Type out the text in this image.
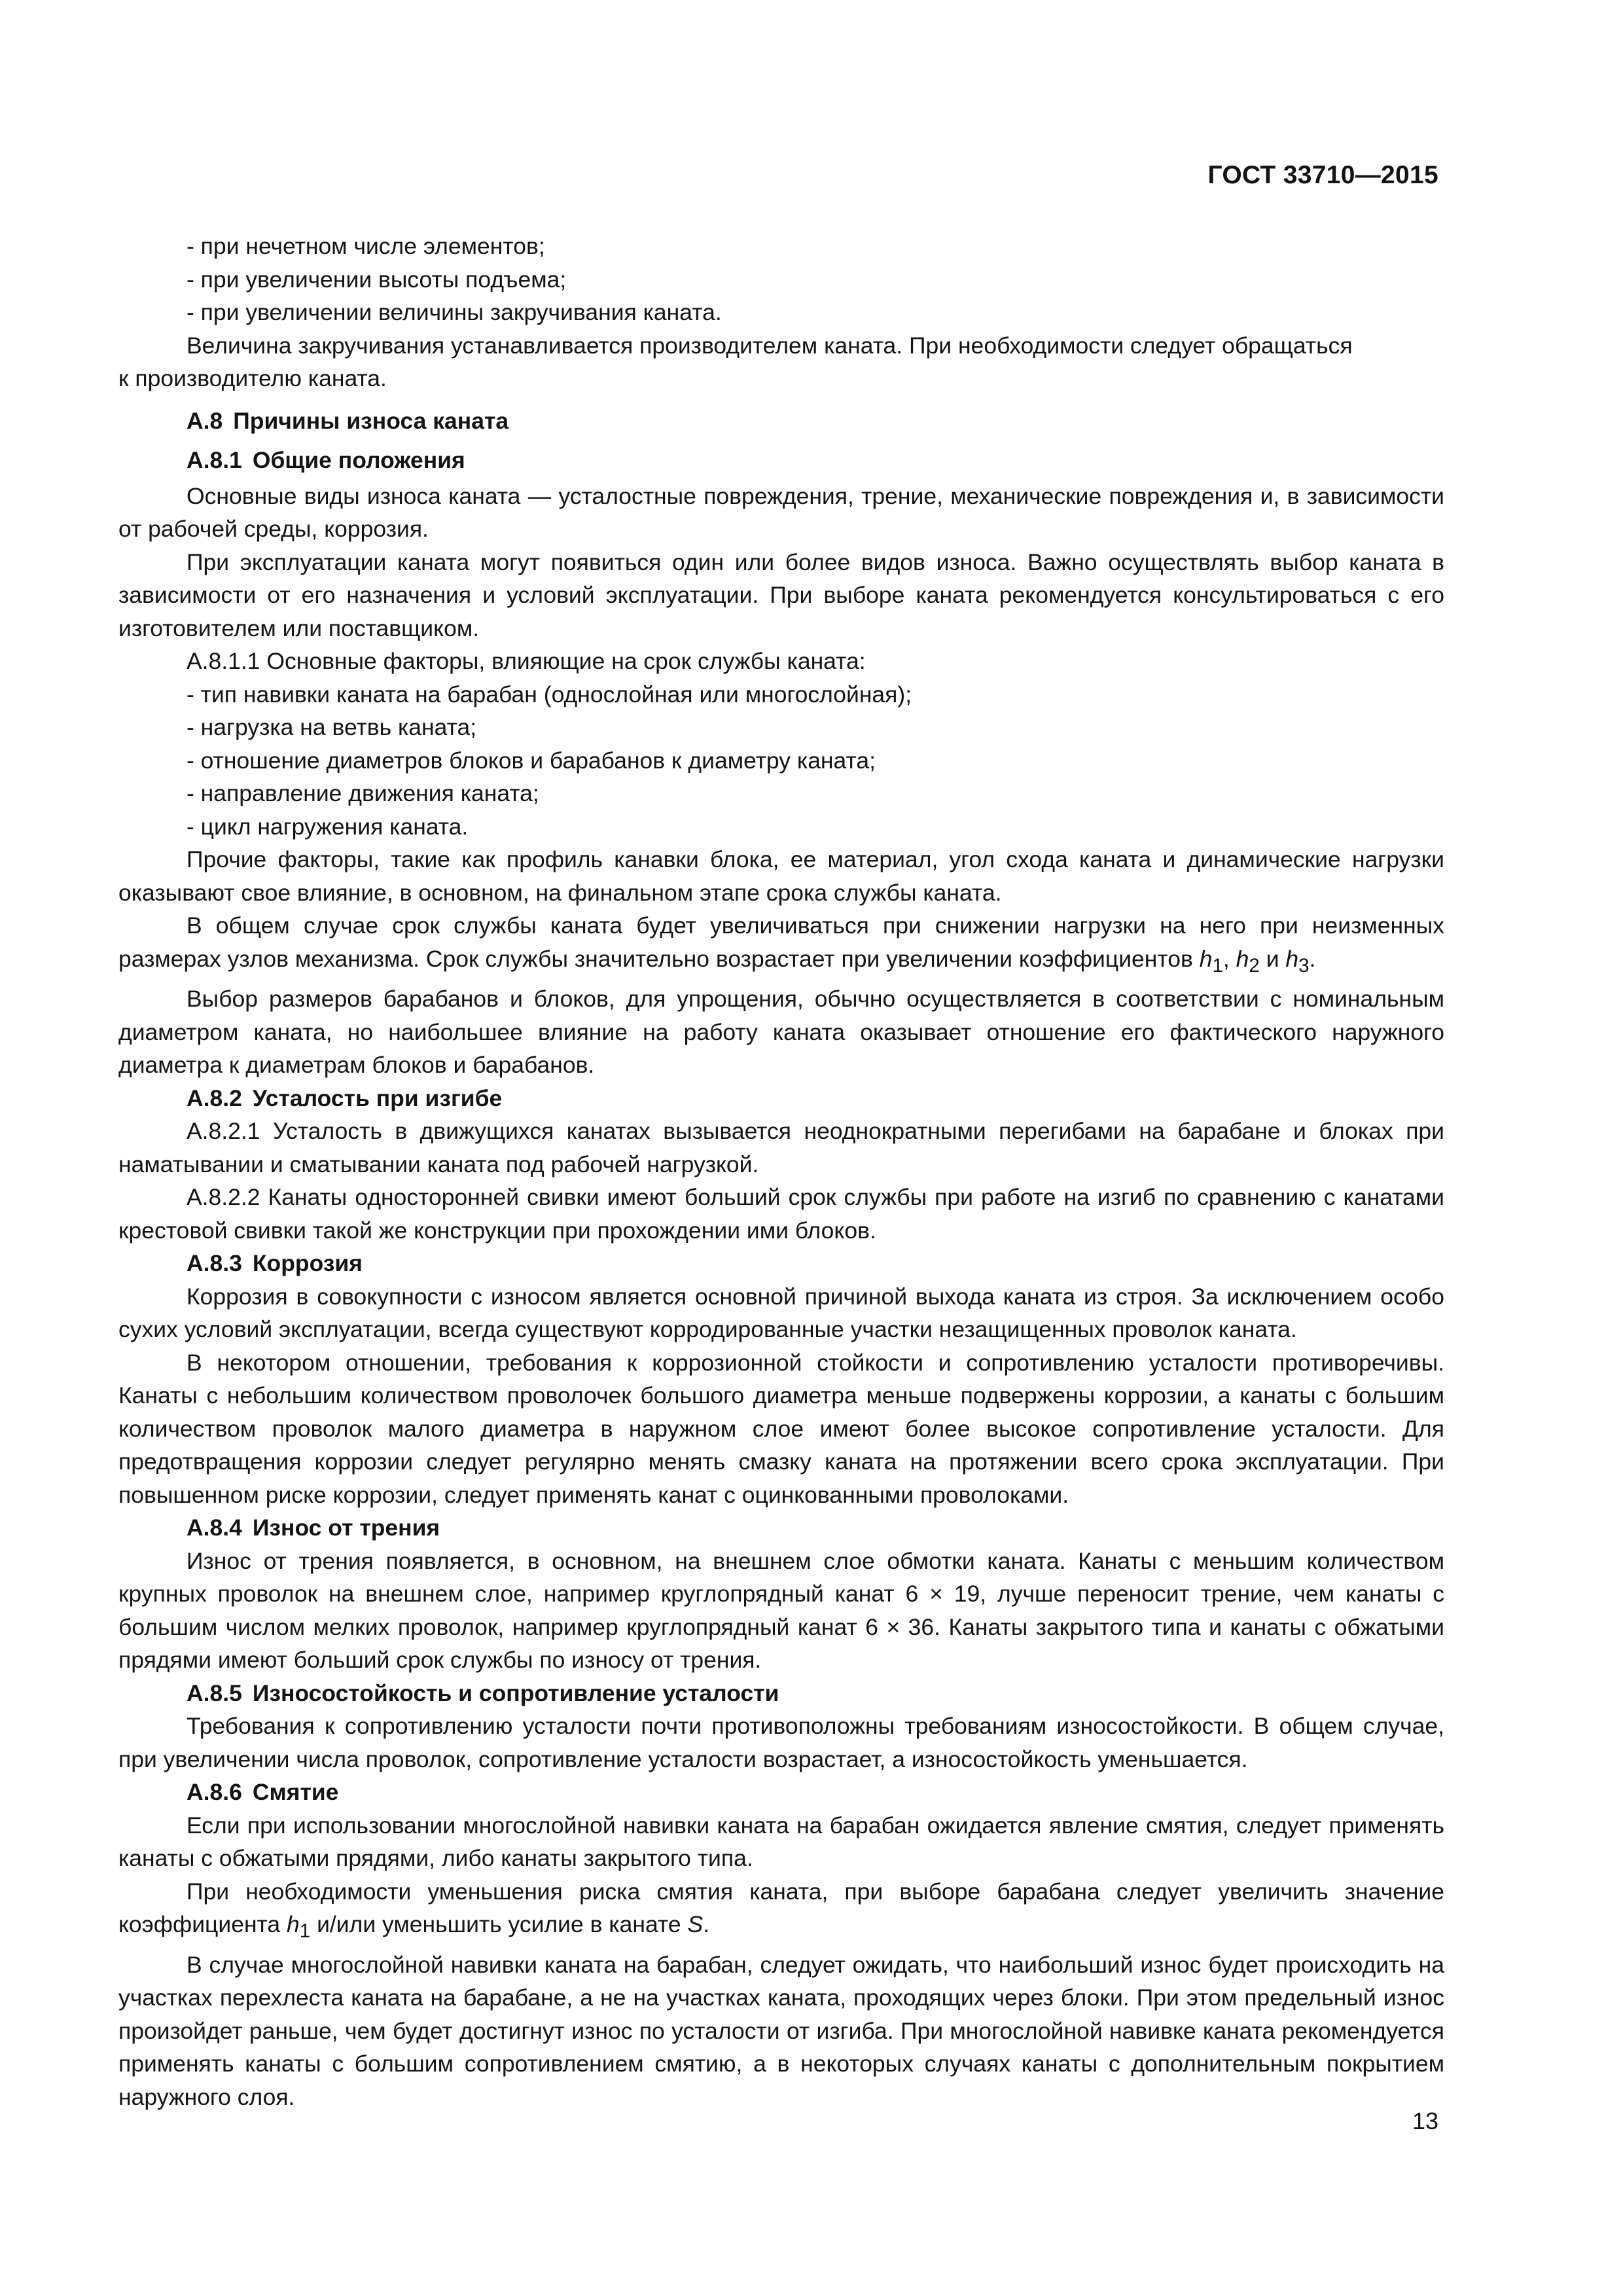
ГОСТ 33710—2015

- при нечетном числе элементов;

- при увеличении высоты подъема;

- при увеличении величины закручивания каната.

Величина закручивания устанавливается производителем каната. При необходимости следует обращаться
к производителю каната.

А.8 Причины износа каната

А.8.1 Общие положения

Основные виды износа каната — усталостные повреждения, трение, механические повреждения и, в зависимости от рабочей среды, коррозия.

При эксплуатации каната могут появиться один или более видов износа. Важно осуществлять выбор каната в зависимости от его назначения и условий эксплуатации. При выборе каната рекомендуется консультироваться с его изготовителем или поставщиком.

А.8.1.1 Основные факторы, влияющие на срок службы каната:

- тип навивки каната на барабан (однослойная или многослойная);

- нагрузка на ветвь каната;

- отношение диаметров блоков и барабанов к диаметру каната;

- направление движения каната;

- цикл нагружения каната.

Прочие факторы, такие как профиль канавки блока, ее материал, угол схода каната и динамические нагрузки оказывают свое влияние, в основном, на финальном этапе срока службы каната.

В общем случае срок службы каната будет увеличиваться при снижении нагрузки на него при неизменных размерах узлов механизма. Срок службы значительно возрастает при увеличении коэффициентов $h_1$, $h_2$ и $h_3$.

Выбор размеров барабанов и блоков, для упрощения, обычно осуществляется в соответствии с номинальным диаметром каната, но наибольшее влияние на работу каната оказывает отношение его фактического наружного диаметра к диаметрам блоков и барабанов.

А.8.2 Усталость при изгибе

А.8.2.1 Усталость в движущихся канатах вызывается неоднократными перегибами на барабане и блоках при наматывании и сматывании каната под рабочей нагрузкой.

А.8.2.2 Канаты односторонней свивки имеют больший срок службы при работе на изгиб по сравнению с канатами крестовой свивки такой же конструкции при прохождении ими блоков.

А.8.3 Коррозия

Коррозия в совокупности с износом является основной причиной выхода каната из строя. За исключением особо сухих условий эксплуатации, всегда существуют корродированные участки незащищенных проволок каната.

В некотором отношении, требования к коррозионной стойкости и сопротивлению усталости противоречивы. Канаты с небольшим количеством проволочек большого диаметра меньше подвержены коррозии, а канаты с большим количеством проволок малого диаметра в наружном слое имеют более высокое сопротивление усталости. Для предотвращения коррозии следует регулярно менять смазку каната на протяжении всего срока эксплуатации. При повышенном риске коррозии, следует применять канат с оцинкованными проволоками.

А.8.4 Износ от трения

Износ от трения появляется, в основном, на внешнем слое обмотки каната. Канаты с меньшим количеством крупных проволок на внешнем слое, например круглопрядный канат 6 × 19, лучше переносит трение, чем канаты с большим числом мелких проволок, например круглопрядный канат 6 × 36. Канаты закрытого типа и канаты с обжатыми прядями имеют больший срок службы по износу от трения.

А.8.5 Износостойкость и сопротивление усталости

Требования к сопротивлению усталости почти противоположны требованиям износостойкости. В общем случае, при увеличении числа проволок, сопротивление усталости возрастает, а износостойкость уменьшается.

А.8.6 Смятие

Если при использовании многослойной навивки каната на барабан ожидается явление смятия, следует применять канаты с обжатыми прядями, либо канаты закрытого типа.

При необходимости уменьшения риска смятия каната, при выборе барабана следует увеличить значение коэффициента $h_1$ и/или уменьшить усилие в канате S.

В случае многослойной навивки каната на барабан, следует ожидать, что наибольший износ будет происходить на участках перехлеста каната на барабане, а не на участках каната, проходящих через блоки. При этом предельный износ произойдет раньше, чем будет достигнут износ по усталости от изгиба. При многослойной навивке каната рекомендуется применять канаты с большим сопротивлением смятию, а в некоторых случаях канаты с дополнительным покрытием наружного слоя.

13
